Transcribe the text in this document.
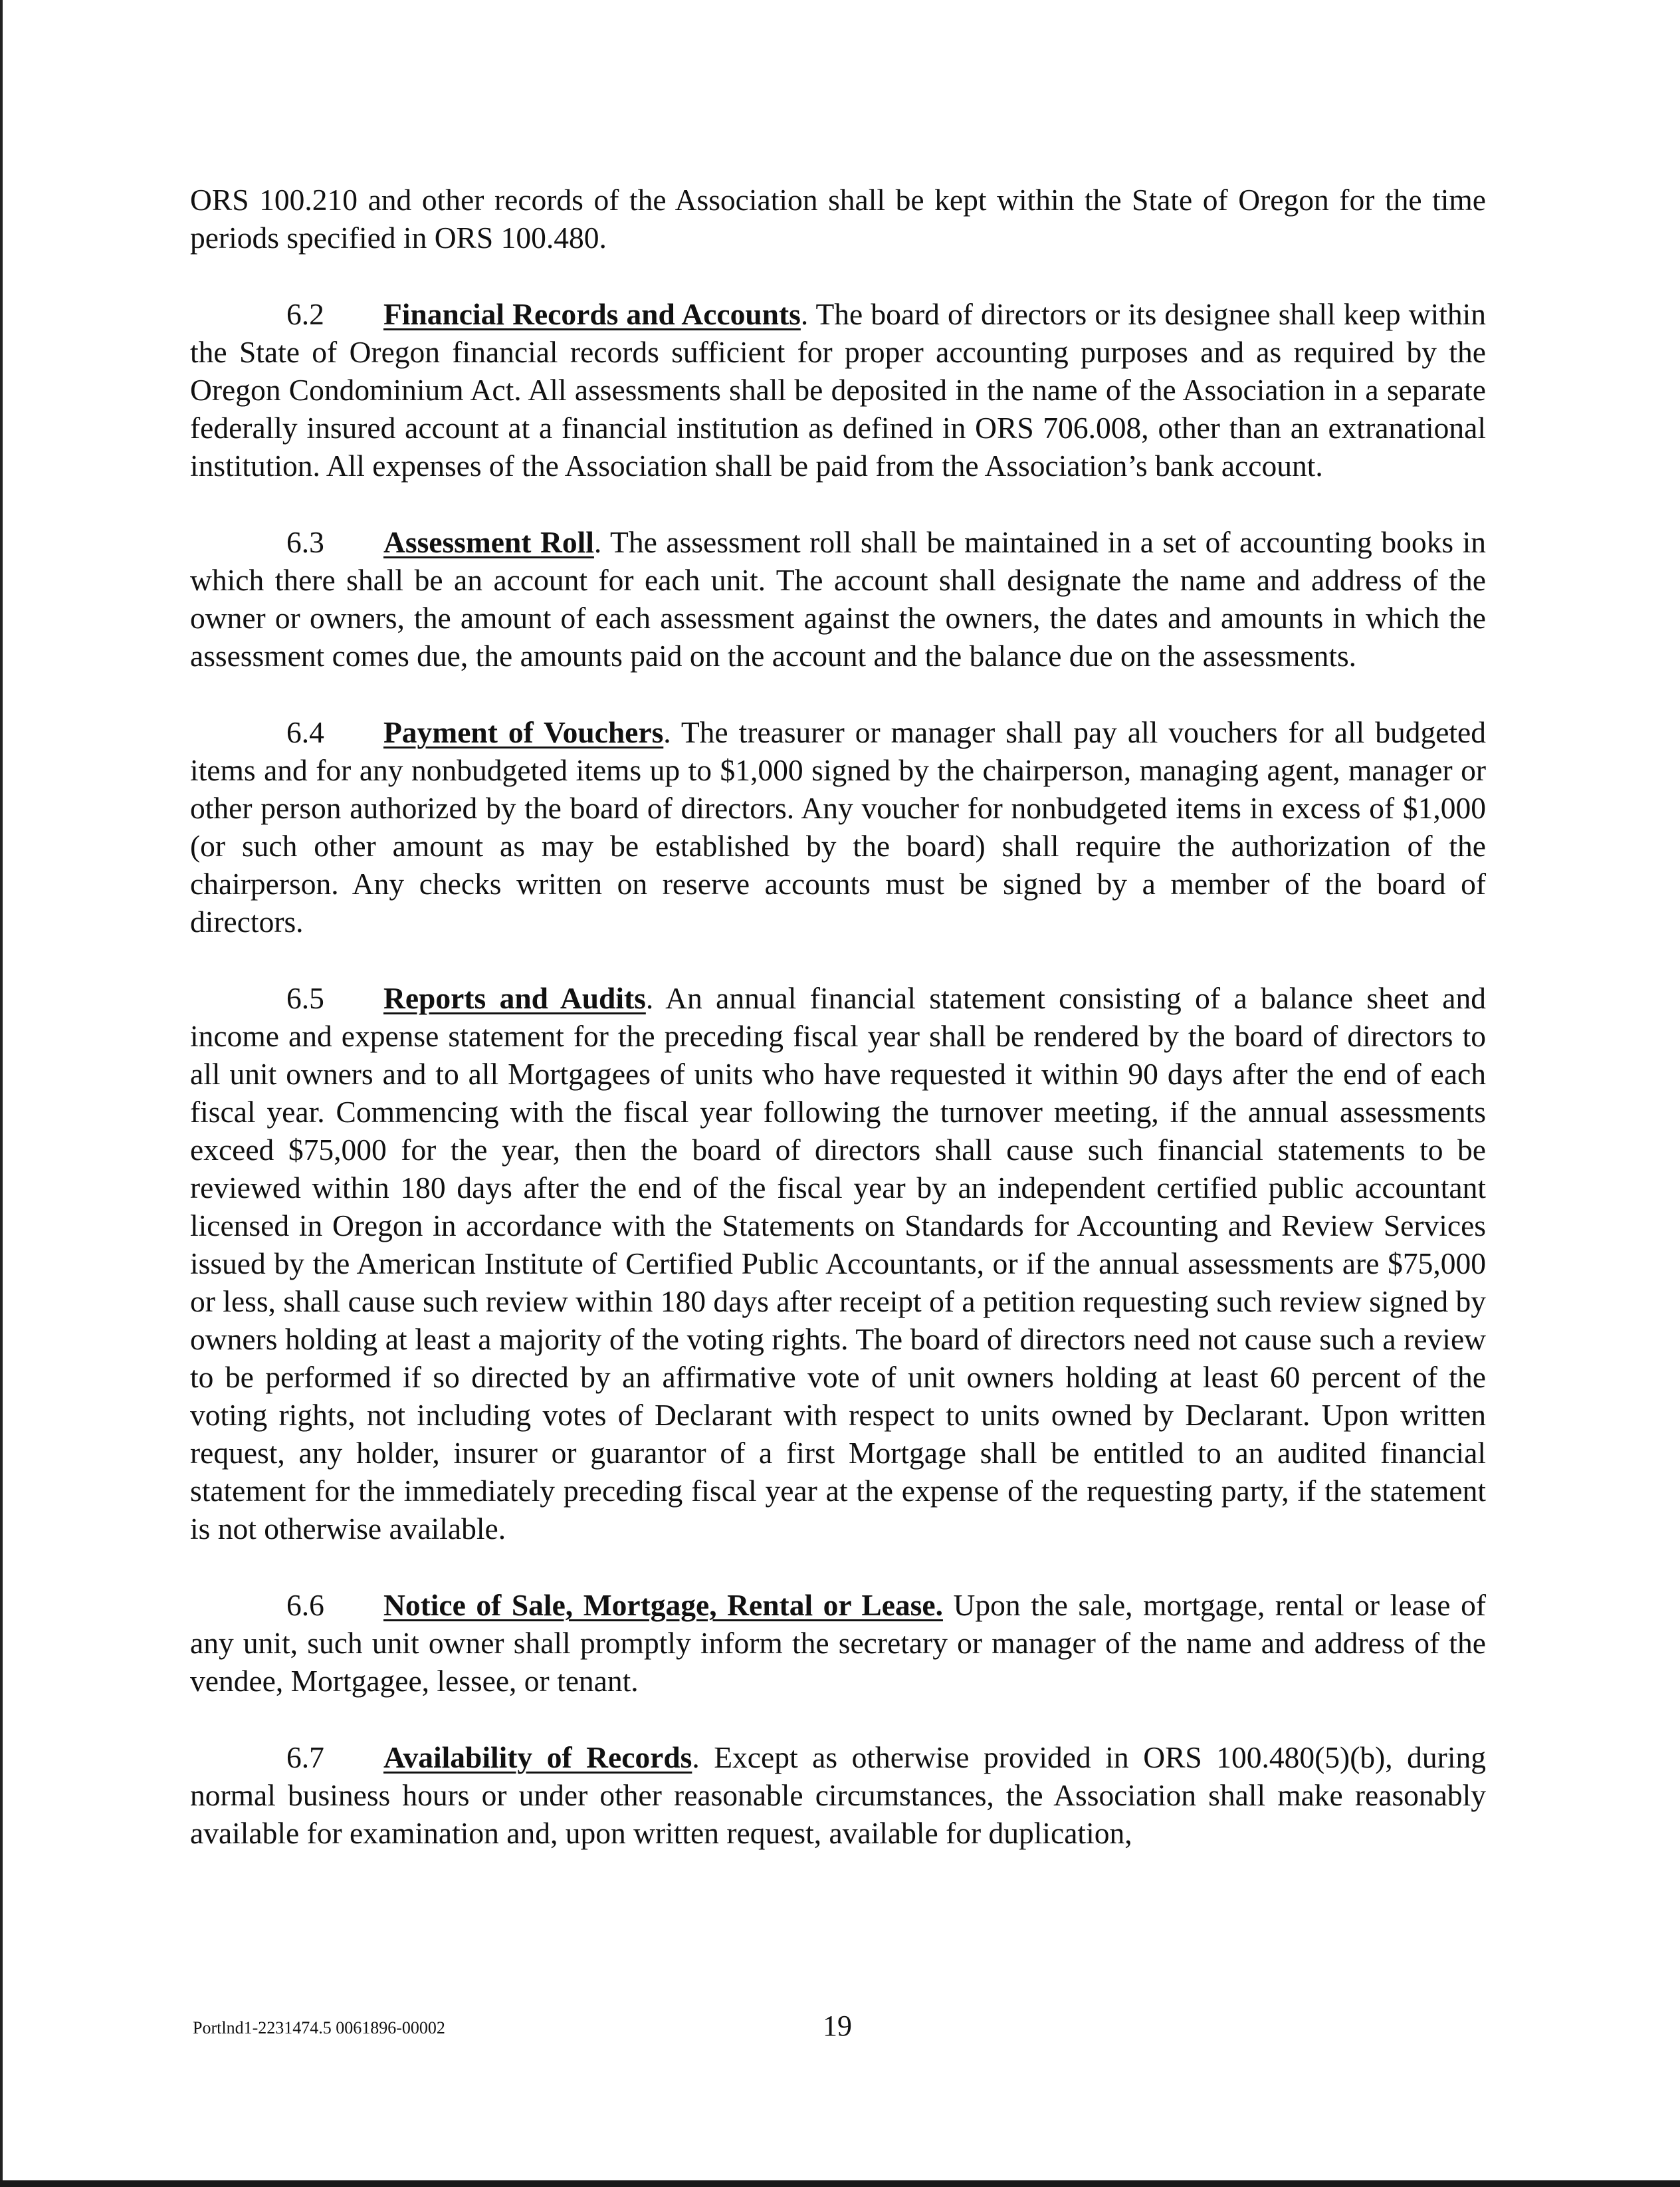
ORS 100.210 and other records of the Association shall be kept within the State of Oregon for the time periods specified in ORS 100.480.

6.2 Financial Records and Accounts. The board of directors or its designee shall keep within the State of Oregon financial records sufficient for proper accounting purposes and as required by the Oregon Condominium Act. All assessments shall be deposited in the name of the Association in a separate federally insured account at a financial institution as defined in ORS 706.008, other than an extranational institution. All expenses of the Association shall be paid from the Association’s bank account.

6.3 Assessment Roll. The assessment roll shall be maintained in a set of accounting books in which there shall be an account for each unit. The account shall designate the name and address of the owner or owners, the amount of each assessment against the owners, the dates and amounts in which the assessment comes due, the amounts paid on the account and the balance due on the assessments.

6.4 Payment of Vouchers. The treasurer or manager shall pay all vouchers for all budgeted items and for any nonbudgeted items up to $1,000 signed by the chairperson, managing agent, manager or other person authorized by the board of directors. Any voucher for nonbudgeted items in excess of $1,000 (or such other amount as may be established by the board) shall require the authorization of the chairperson. Any checks written on reserve accounts must be signed by a member of the board of directors.

6.5 Reports and Audits. An annual financial statement consisting of a balance sheet and income and expense statement for the preceding fiscal year shall be rendered by the board of directors to all unit owners and to all Mortgagees of units who have requested it within 90 days after the end of each fiscal year. Commencing with the fiscal year following the turnover meeting, if the annual assessments exceed $75,000 for the year, then the board of directors shall cause such financial statements to be reviewed within 180 days after the end of the fiscal year by an independent certified public accountant licensed in Oregon in accordance with the Statements on Standards for Accounting and Review Services issued by the American Institute of Certified Public Accountants, or if the annual assessments are $75,000 or less, shall cause such review within 180 days after receipt of a petition requesting such review signed by owners holding at least a majority of the voting rights. The board of directors need not cause such a review to be performed if so directed by an affirmative vote of unit owners holding at least 60 percent of the voting rights, not including votes of Declarant with respect to units owned by Declarant. Upon written request, any holder, insurer or guarantor of a first Mortgage shall be entitled to an audited financial statement for the immediately preceding fiscal year at the expense of the requesting party, if the statement is not otherwise available.

6.6 Notice of Sale, Mortgage, Rental or Lease. Upon the sale, mortgage, rental or lease of any unit, such unit owner shall promptly inform the secretary or manager of the name and address of the vendee, Mortgagee, lessee, or tenant.

6.7 Availability of Records. Except as otherwise provided in ORS 100.480(5)(b), during normal business hours or under other reasonable circumstances, the Association shall make reasonably available for examination and, upon written request, available for duplication,

Portlnd1-2231474.5 0061896-00002	19
